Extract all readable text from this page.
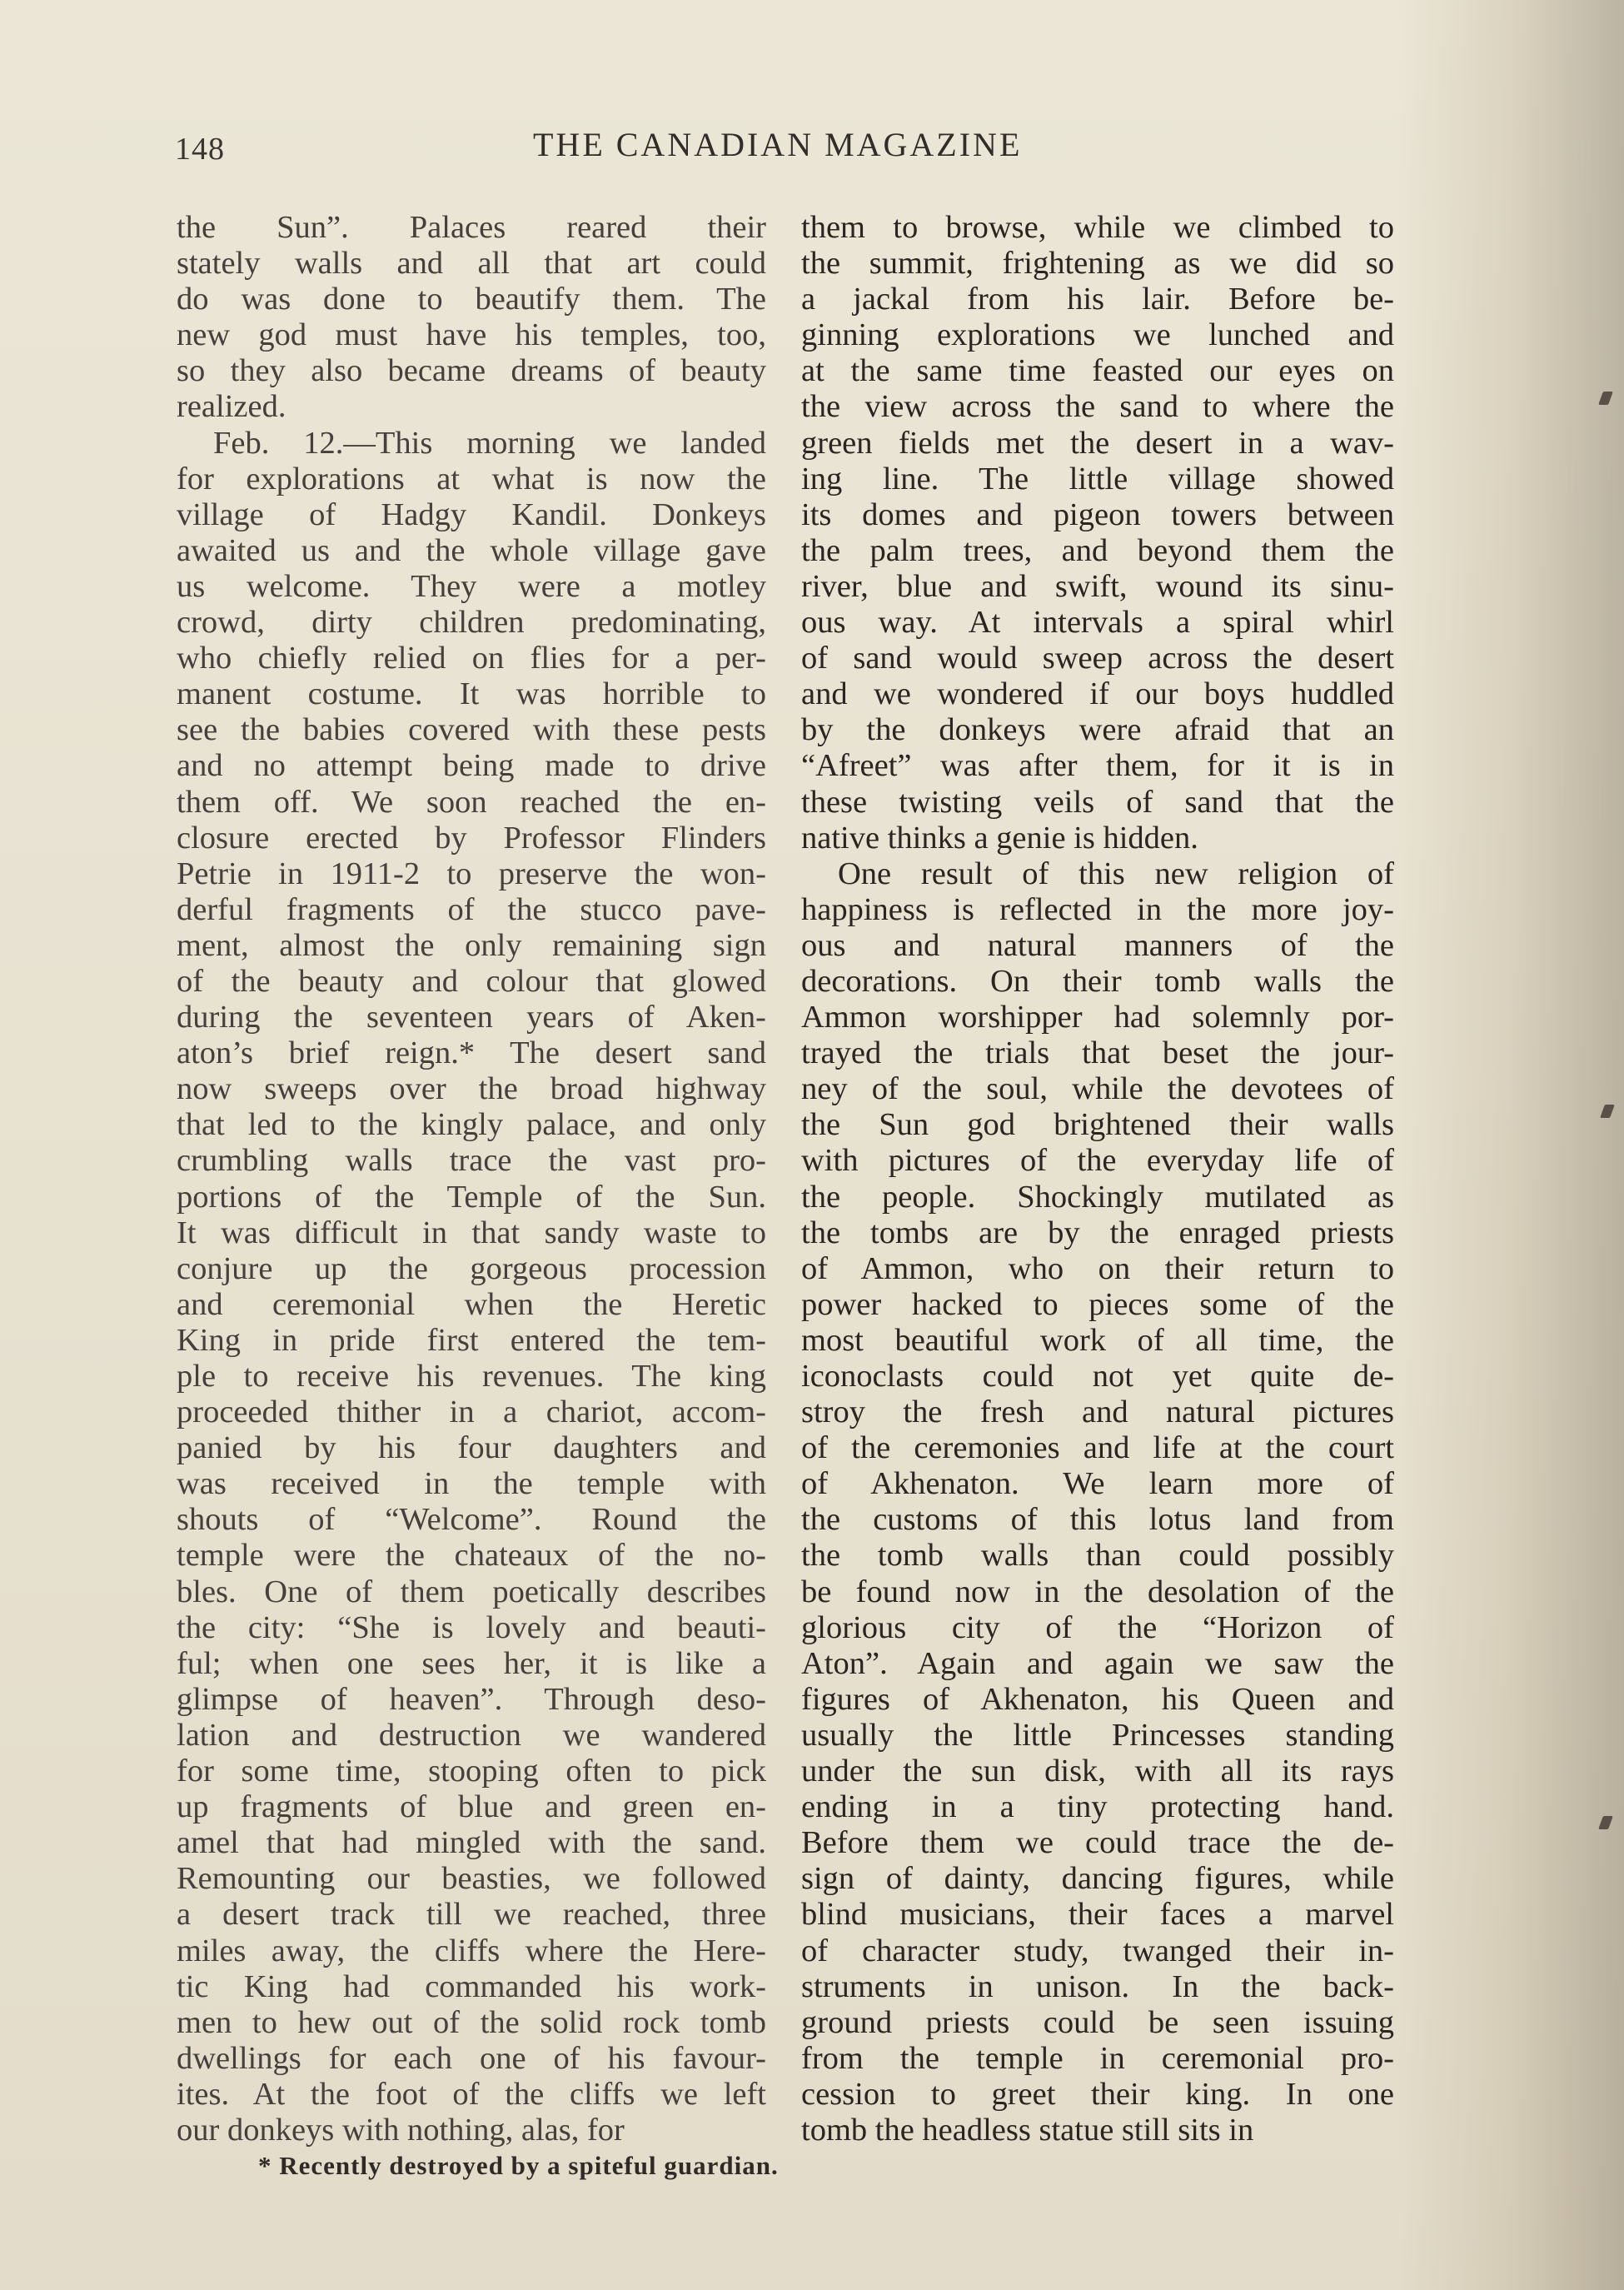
148	THE CANADIAN MAGAZINE
the Sun”. Palaces reared their
stately walls and all that art could
do was done to beautify them. The
new god must have his temples, too,
so they also became dreams of beauty
realized.
Feb. 12.—This morning we landed
for explorations at what is now the
village of Hadgy Kandil. Donkeys
awaited us and the whole village gave
us welcome. They were a motley
crowd, dirty children predominating,
who chiefly relied on flies for a per-
manent costume. It was horrible to
see the babies covered with these pests
and no attempt being made to drive
them off. We soon reached the en-
closure erected by Professor Flinders
Petrie in 1911-2 to preserve the won-
derful fragments of the stucco pave-
ment, almost the only remaining sign
of the beauty and colour that glowed
during the seventeen years of Aken-
aton’s brief reign.* The desert sand
now sweeps over the broad highway
that led to the kingly palace, and only
crumbling walls trace the vast pro-
portions of the Temple of the Sun.
It was difficult in that sandy waste to
conjure up the gorgeous procession
and ceremonial when the Heretic
King in pride first entered the tem-
ple to receive his revenues. The king
proceeded thither in a chariot, accom-
panied by his four daughters and
was received in the temple with
shouts of “Welcome”. Round the
temple were the chateaux of the no-
bles. One of them poetically describes
the city: “She is lovely and beauti-
ful; when one sees her, it is like a
glimpse of heaven”. Through deso-
lation and destruction we wandered
for some time, stooping often to pick
up fragments of blue and green en-
amel that had mingled with the sand.
Remounting our beasties, we followed
a desert track till we reached, three
miles away, the cliffs where the Here-
tic King had commanded his work-
men to hew out of the solid rock tomb
dwellings for each one of his favour-
ites. At the foot of the cliffs we left
our donkeys with nothing, alas, for
them to browse, while we climbed to
the summit, frightening as we did so
a jackal from his lair. Before be-
ginning explorations we lunched and
at the same time feasted our eyes on
the view across the sand to where the
green fields met the desert in a wav-
ing line. The little village showed
its domes and pigeon towers between
the palm trees, and beyond them the
river, blue and swift, wound its sinu-
ous way. At intervals a spiral whirl
of sand would sweep across the desert
and we wondered if our boys huddled
by the donkeys were afraid that an
“Afreet” was after them, for it is in
these twisting veils of sand that the
native thinks a genie is hidden.
One result of this new religion of
happiness is reflected in the more joy-
ous and natural manners of the
decorations. On their tomb walls the
Ammon worshipper had solemnly por-
trayed the trials that beset the jour-
ney of the soul, while the devotees of
the Sun god brightened their walls
with pictures of the everyday life of
the people. Shockingly mutilated as
the tombs are by the enraged priests
of Ammon, who on their return to
power hacked to pieces some of the
most beautiful work of all time, the
iconoclasts could not yet quite de-
stroy the fresh and natural pictures
of the ceremonies and life at the court
of Akhenaton. We learn more of
the customs of this lotus land from
the tomb walls than could possibly
be found now in the desolation of the
glorious city of the “Horizon of
Aton”. Again and again we saw the
figures of Akhenaton, his Queen and
usually the little Princesses standing
under the sun disk, with all its rays
ending in a tiny protecting hand.
Before them we could trace the de-
sign of dainty, dancing figures, while
blind musicians, their faces a marvel
of character study, twanged their in-
struments in unison. In the back-
ground priests could be seen issuing
from the temple in ceremonial pro-
cession to greet their king. In one
tomb the headless statue still sits in
* Recently destroyed by a spiteful guardian.
